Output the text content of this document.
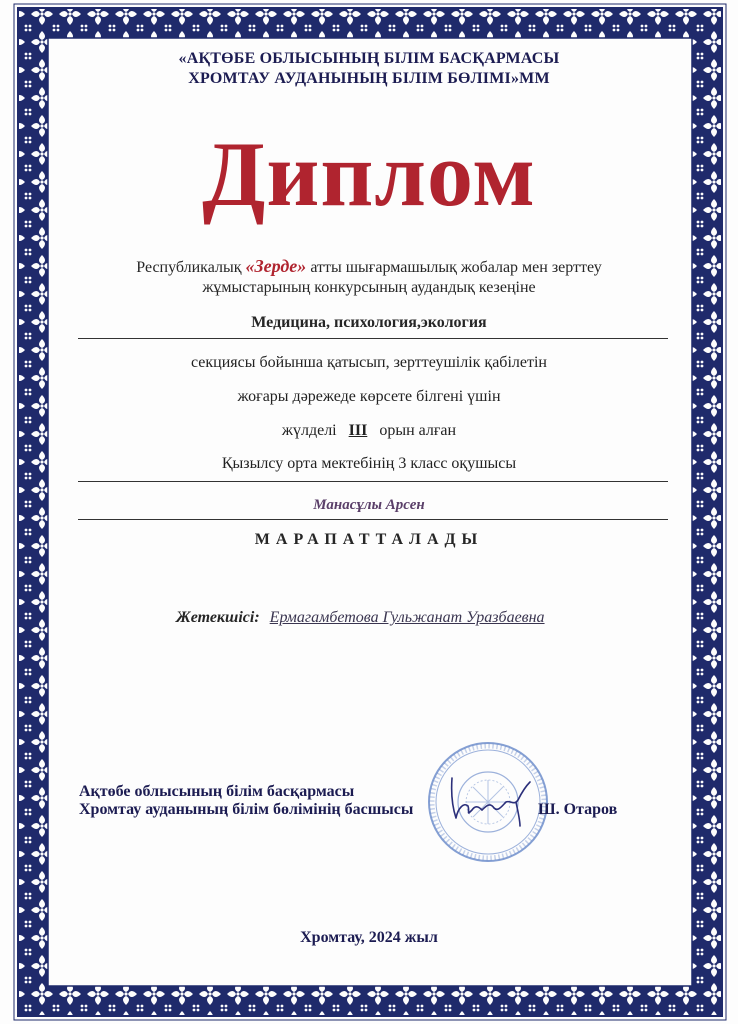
«АҚТӨБЕ ОБЛЫСЫНЫҢ БІЛІМ БАСҚАРМАСЫ
ХРОМТАУ АУДАНЫНЫҢ БІЛІМ БӨЛІМІ»ММ
Диплом
Республикалық «Зерде» атты шығармашылық жобалар мен зерттеу
жұмыстарының конкурсының аудандық кезеңіне
Медицина, психология,экология
секциясы бойынша қатысып, зерттеушілік қабілетін
жоғары дәрежеде көрсете білгені үшін
жүлделі III орын алған
Қызылсу орта мектебінің 3 класс оқушысы
Манасұлы Арсен
МАРАПАТТАЛАДЫ
Жетекшісі: Ермагамбетова Гульжанат Уразбаевна
Ақтөбе облысының білім басқармасы
Хромтау ауданының білім бөлімінің басшысы	Ш. Отаров
Хромтау, 2024 жыл
